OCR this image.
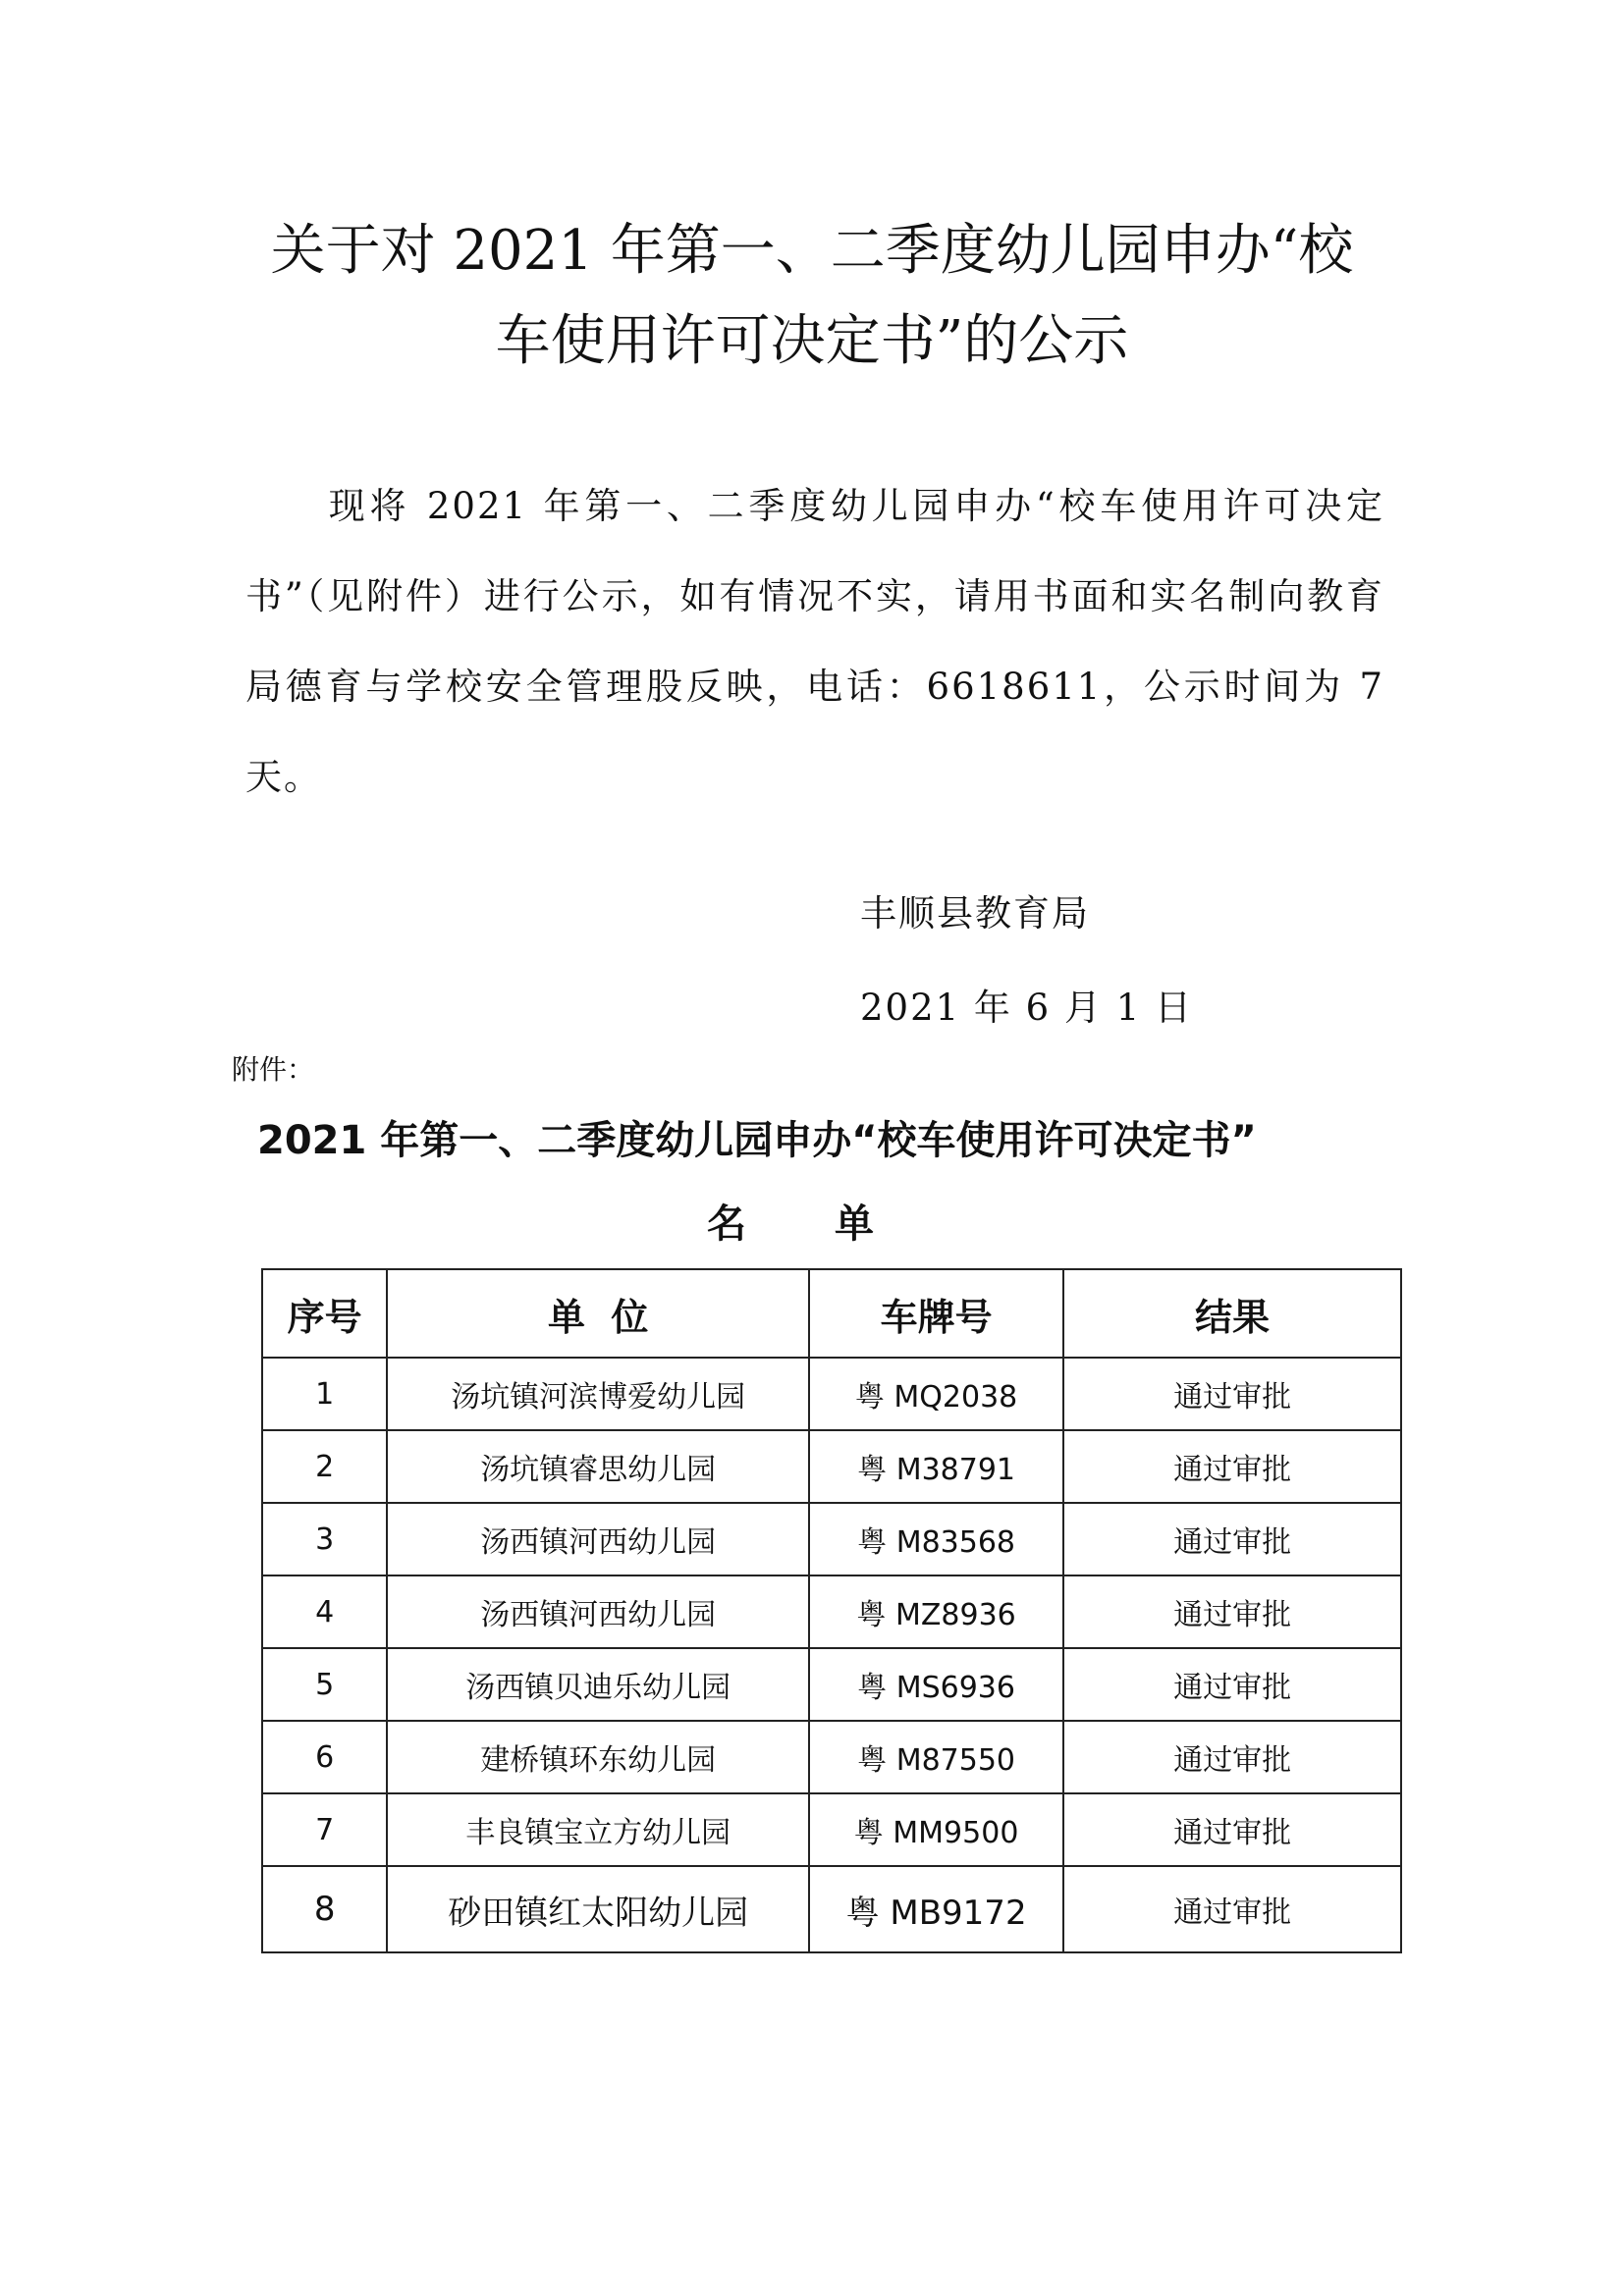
关于对 2021 年第一、二季度幼儿园申办“校
车使用许可决定书”的公示

现将 2021 年第一、二季度幼儿园申办“校车使用许可决定书”（见附件）进行公示，如有情况不实，请用书面和实名制向教育局德育与学校安全管理股反映，电话：6618611，公示时间为 7 天。

丰顺县教育局

2021 年 6 月 1 日

附件：

2021 年第一、二季度幼儿园申办“校车使用许可决定书”

名单

序号	单  位	车牌号	结果
1	汤坑镇河滨博爱幼儿园	粤 MQ2038	通过审批
2	汤坑镇睿思幼儿园	粤 M38791	通过审批
3	汤西镇河西幼儿园	粤 M83568	通过审批
4	汤西镇河西幼儿园	粤 MZ8936	通过审批
5	汤西镇贝迪乐幼儿园	粤 MS6936	通过审批
6	建桥镇环东幼儿园	粤 M87550	通过审批
7	丰良镇宝立方幼儿园	粤 MM9500	通过审批
8	砂田镇红太阳幼儿园	粤 MB9172	通过审批
